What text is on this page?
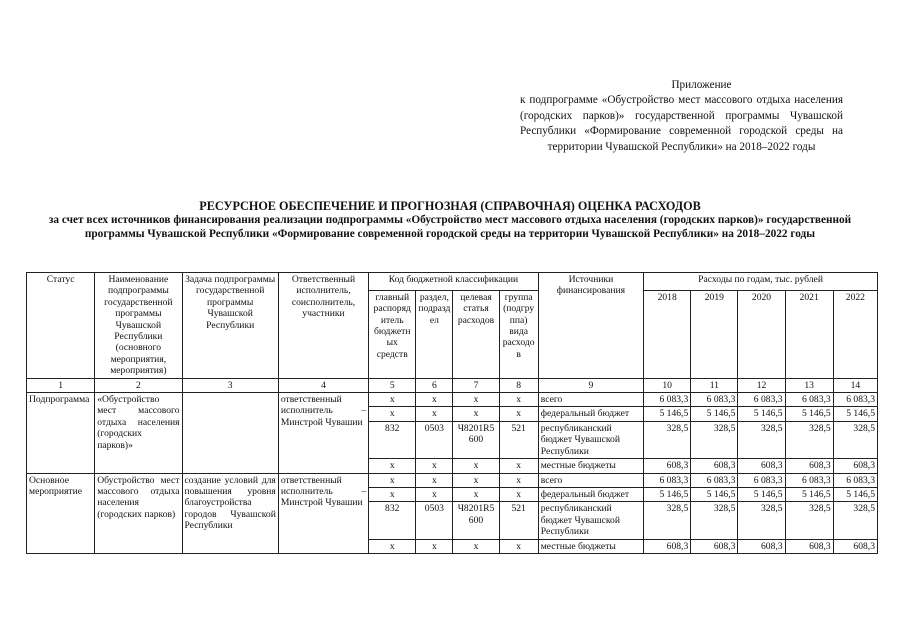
Приложение
к подпрограмме «Обустройство мест массового отдыха населения (городских парков)» государственной программы Чувашской Республики «Формирование современной городской среды на территории Чувашской Республики» на 2018–2022 годы
РЕСУРСНОЕ ОБЕСПЕЧЕНИЕ И ПРОГНОЗНАЯ (СПРАВОЧНАЯ) ОЦЕНКА РАСХОДОВ
за счет всех источников финансирования реализации подпрограммы «Обустройство мест массового отдыха населения (городских парков)» государственной программы Чувашской Республики «Формирование современной городской среды на территории Чувашской Республики» на 2018–2022 годы
Статус	Наименование подпрограммы государственной программы Чувашской Республики (основного мероприятия, мероприятия)	Задача подпрограммы государственной программы Чувашской Республики	Ответственный исполнитель, соисполнитель, участники	Код бюджетной классификации				Источники финансирования	Расходы по годам, тыс. рублей				
				главный распорядитель бюджетных средств	раздел, подраздел	целевая статья расходов	группа (подгруппа) вида расходов		2018	2019	2020	2021	2022
1	2	3	4	5	6	7	8	9	10	11	12	13	14
Подпрограмма	«Обустройство мест массового отдыха населения (городских парков)»		ответственный исполнитель – Минстрой Чувашии	x	x	x	x	всего	6 083,3	6 083,3	6 083,3	6 083,3	6 083,3
				x	x	x	x	федеральный бюджет	5 146,5	5 146,5	5 146,5	5 146,5	5 146,5
				832	0503	Ч8201R5600	521	республиканский бюджет Чувашской Республики	328,5	328,5	328,5	328,5	328,5
				x	x	x	x	местные бюджеты	608,3	608,3	608,3	608,3	608,3
Основное мероприятие	Обустройство мест массового отдыха населения (городских парков)	создание условий для повышения уровня благоустройства городов Чувашской Республики	ответственный исполнитель – Минстрой Чувашии	x	x	x	x	всего	6 083,3	6 083,3	6 083,3	6 083,3	6 083,3
				x	x	x	x	федеральный бюджет	5 146,5	5 146,5	5 146,5	5 146,5	5 146,5
				832	0503	Ч8201R5600	521	республиканский бюджет Чувашской Республики	328,5	328,5	328,5	328,5	328,5
				x	x	x	x	местные бюджеты	608,3	608,3	608,3	608,3	608,3
